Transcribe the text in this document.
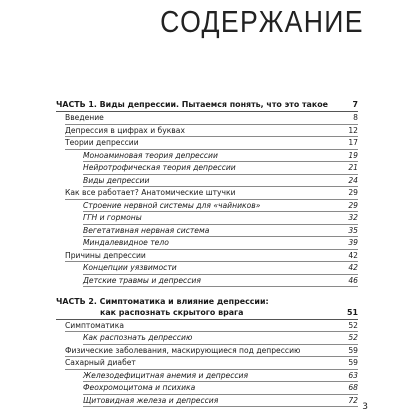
СОДЕРЖАНИЕ
ЧАСТЬ 1. Виды депрессии. Пытаемся понять, что это такое	7
Введение	8
Депрессия в цифрах и буквах	12
Теории депрессии	17
Моноаминовая теория депрессии	19
Нейротрофическая теория депрессии	21
Виды депрессии	24
Как все работает? Анатомические штучки	29
Строение нервной системы для «чайников»	29
ГГН и гормоны	32
Вегетативная нервная система	35
Миндалевидное тело	39
Причины депрессии	42
Концепции уязвимости	42
Детские травмы и депрессия	46
ЧАСТЬ 2. Симптоматика и влияние депрессии:
как распознать скрытого врага	51
Симптоматика	52
Как распознать депрессию	52
Физические заболевания, маскирующиеся под депрессию	59
Сахарный диабет	59
Железодефицитная анемия и депрессия	63
Феохромоцитома и психика	68
Щитовидная железа и депрессия	72
3
